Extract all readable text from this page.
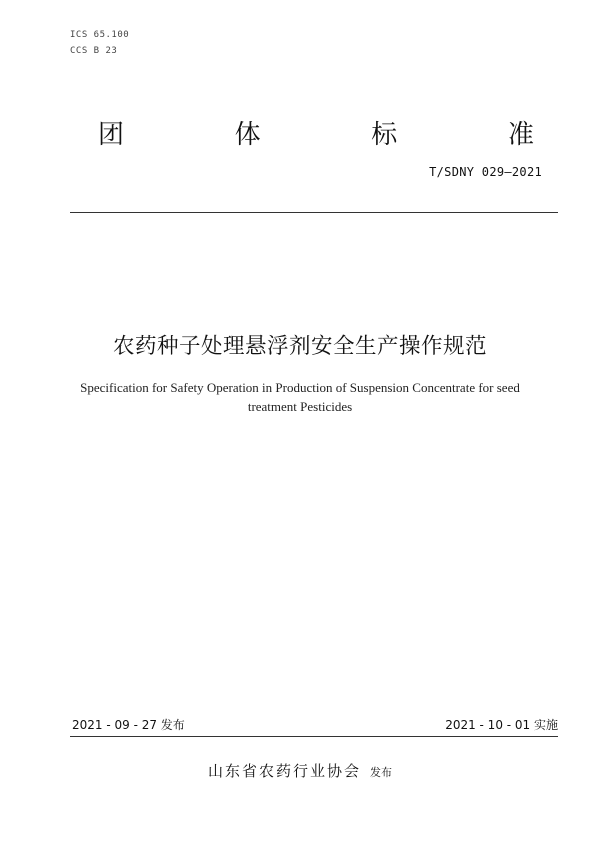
ICS 65.100
CCS B 23
团	体	标	准
T/SDNY 029—2021
农药种子处理悬浮剂安全生产操作规范
Specification for Safety Operation in Production of Suspension Concentrate for seed
treatment Pesticides
2021 - 09 - 27 发布	2021 - 10 - 01 实施
山东省农药行业协会 发布
